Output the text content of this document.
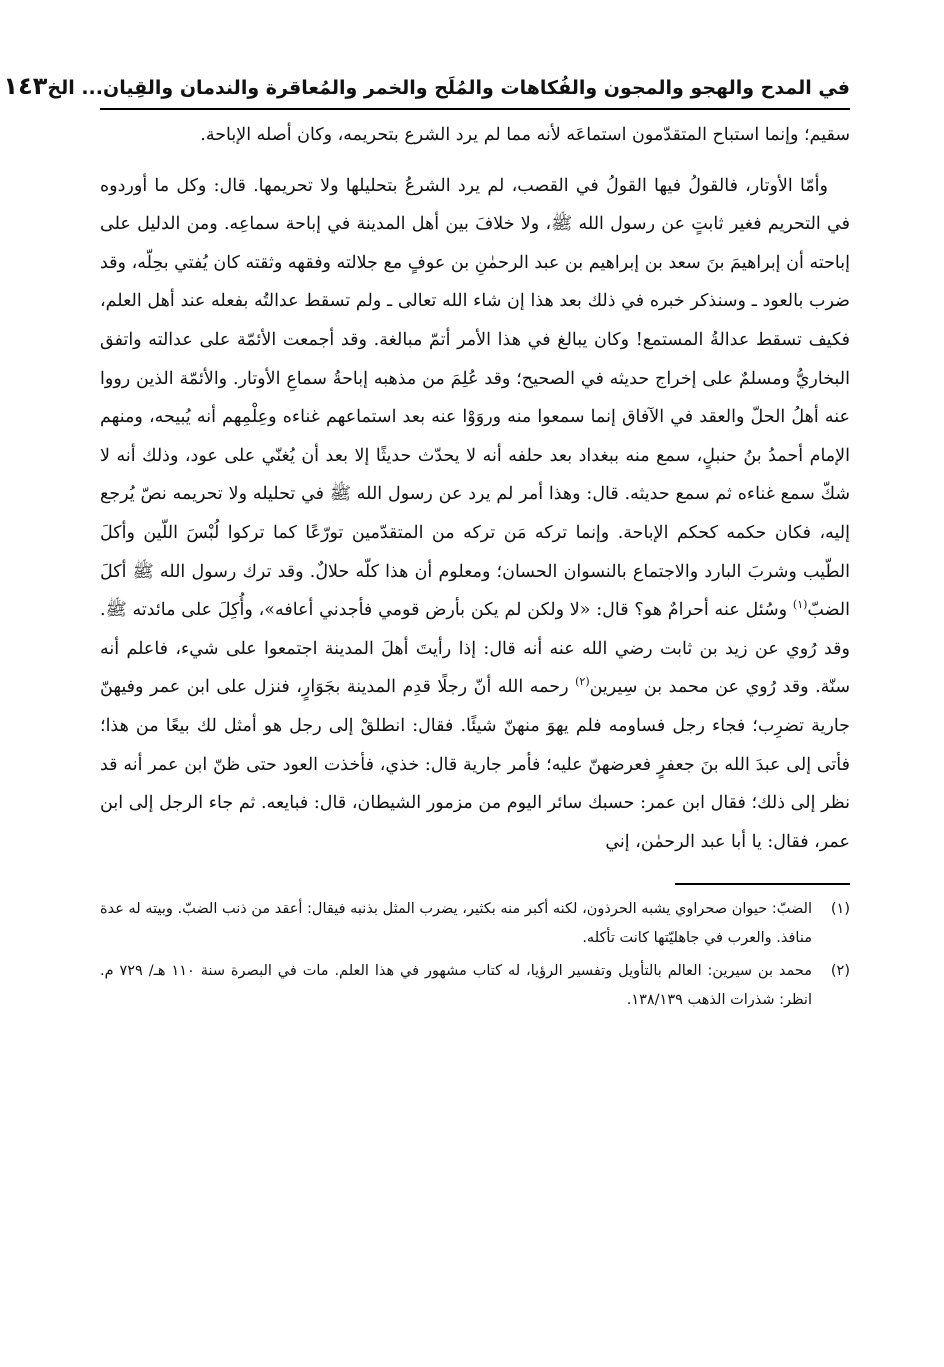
في المدح والهجو والمجون والفُكاهات والمُلَح والخمر والمُعاقرة والندمان والقِيان... الخ
١٤٣

سقيم؛ وإنما استباح المتقدّمون استماعَه لأنه مما لم يرد الشرع بتحريمه، وكان أصله الإباحة.

وأمّا الأوتار، فالقولُ فيها القولُ في القصب، لم يرد الشرعُ بتحليلها ولا تحريمها. قال: وكل ما أوردوه في التحريم فغير ثابتٍ عن رسول الله ﷺ، ولا خلافَ بين أهل المدينة في إباحة سماعِه. ومن الدليل على إباحته أن إبراهيمَ بنَ سعد بن إبراهيم بن عبد الرحمٰنِ بن عوفٍ مع جلالته وفقهه وثقته كان يُفتي بحِلّه، وقد ضرب بالعود ـ وسنذكر خبره في ذلك بعد هذا إن شاء الله تعالى ـ ولم تسقط عدالتُه بفعله عند أهل العلم، فكيف تسقط عدالةُ المستمع! وكان يبالغ في هذا الأمر أتمّ مبالغة. وقد أجمعت الأئمّة على عدالته واتفق البخاريُّ ومسلمٌ على إخراج حديثه في الصحيح؛ وقد عُلِمَ من مذهبه إباحةُ سماعِ الأوتار. والأئمّة الذين رووا عنه أهلُ الحلّ والعقد في الآفاق إنما سمعوا منه وروَوْا عنه بعد استماعهم غناءه وعِلْمِهم أنه يُبيحه، ومنهم الإمام أحمدُ بنُ حنبلٍ، سمع منه ببغداد بعد حلفه أنه لا يحدّث حديثًا إلا بعد أن يُغنّي على عود، وذلك أنه لا شكّ سمع غناءه ثم سمع حديثه. قال: وهذا أمر لم يرد عن رسول الله ﷺ في تحليله ولا تحريمه نصّ يُرجع إليه، فكان حكمه كحكم الإباحة. وإنما تركه مَن تركه من المتقدّمين تورّعًا كما تركوا لُبْسَ اللّين وأكلَ الطّيب وشربَ البارد والاجتماع بالنسوان الحسان؛ ومعلوم أن هذا كلّه حلالٌ. وقد ترك رسول الله ﷺ أكلَ الضبّ$^{(١)}$ وسُئل عنه أحرامٌ هو؟ قال: «لا ولكن لم يكن بأرض قومي فأجدني أعافه»، وأُكِلَ على مائدته ﷺ. وقد رُوي عن زيد بن ثابت رضي الله عنه أنه قال: إذا رأيتَ أهلَ المدينة اجتمعوا على شيء، فاعلم أنه سنّة. وقد رُوي عن محمد بن سِيرين$^{(٢)}$ رحمه الله أنّ رجلًا قدِم المدينة بجَوَارٍ، فنزل على ابن عمر وفيهنّ جارية تضرِب؛ فجاء رجل فساومه فلم يهوَ منهنّ شيئًا. فقال: انطلقْ إلى رجل هو أمثل لك بيعًا من هذا؛ فأتى إلى عبدَ الله بنَ جعفرٍ فعرضهنّ عليه؛ فأمر جارية قال: خذي، فأخذت العود حتى ظنّ ابن عمر أنه قد نظر إلى ذلك؛ فقال ابن عمر: حسبك سائر اليوم من مزمور الشيطان، قال: فبايعه. ثم جاء الرجل إلى ابن عمر، فقال: يا أبا عبد الرحمٰن، إني

(١)
الضبّ: حيوان صحراوي يشبه الحرذون، لكنه أكبر منه بكثير، يضرب المثل بذنبه فيقال: أعقد من ذنب الضبّ. وبيته له عدة منافذ. والعرب في جاهليّتها كانت تأكله.
(٢)
محمد بن سيرين: العالم بالتأويل وتفسير الرؤيا، له كتاب مشهور في هذا العلم. مات في البصرة سنة ١١٠ هـ/ ٧٢٩ م. انظر: شذرات الذهب ١٣٨/١٣٩.
